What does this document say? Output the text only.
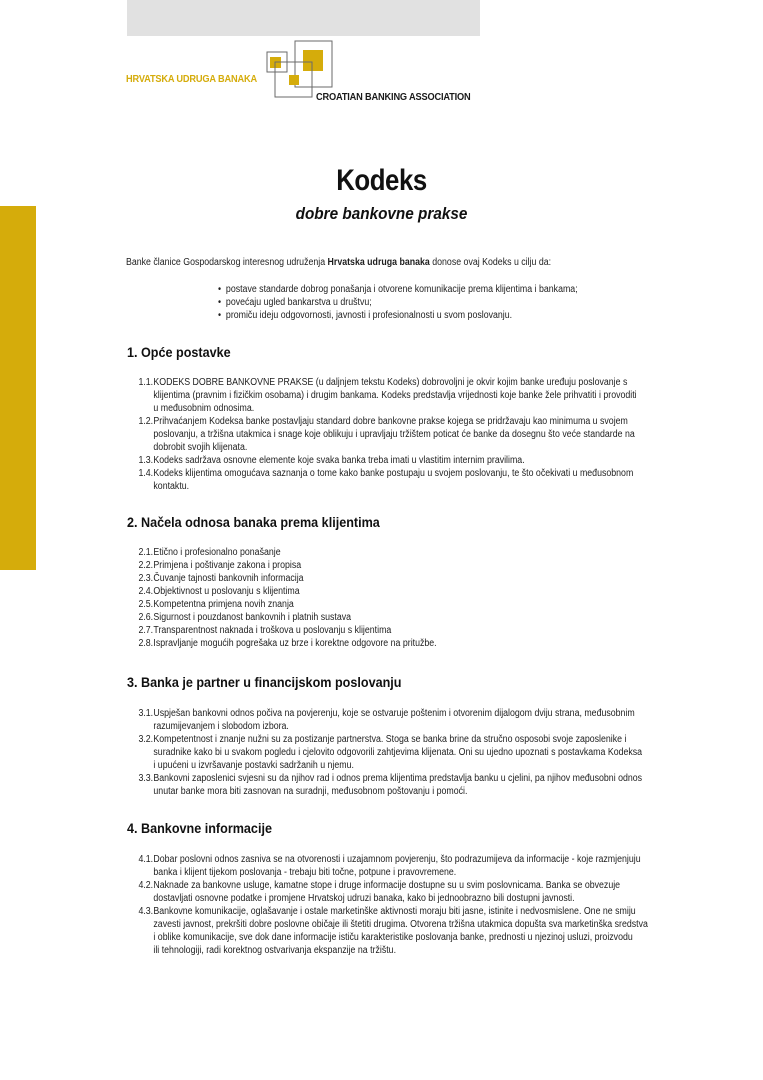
HRVATSKA UDRUGA BANAKA
CROATIAN BANKING ASSOCIATION
Kodeks
dobre bankovne prakse
Banke članice Gospodarskog interesnog udruženja Hrvatska udruga banaka donose ovaj Kodeks u cilju da:
• postave standarde dobrog ponašanja i otvorene komunikacije prema klijentima i bankama;
• povećaju ugled bankarstva u društvu;
• promiču ideju odgovornosti, javnosti i profesionalnosti u svom poslovanju.
1. Opće postavke
1.1. KODEKS DOBRE BANKOVNE PRAKSE (u daljnjem tekstu Kodeks) dobrovoljni je okvir kojim banke uređuju poslovanje s
klijentima (pravnim i fizičkim osobama) i drugim bankama. Kodeks predstavlja vrijednosti koje banke žele prihvatiti i provoditi
u međusobnim odnosima.
1.2. Prihvaćanjem Kodeksa banke postavljaju standard dobre bankovne prakse kojega se pridržavaju kao minimuma u svojem
poslovanju, a tržišna utakmica i snage koje oblikuju i upravljaju tržištem poticat će banke da dosegnu što veće standarde na
dobrobit svojih klijenata.
1.3. Kodeks sadržava osnovne elemente koje svaka banka treba imati u vlastitim internim pravilima.
1.4. Kodeks klijentima omogućava saznanja o tome kako banke postupaju u svojem poslovanju, te što očekivati u međusobnom
kontaktu.
2. Načela odnosa banaka prema klijentima
2.1. Etično i profesionalno ponašanje
2.2. Primjena i poštivanje zakona i propisa
2.3. Čuvanje tajnosti bankovnih informacija
2.4. Objektivnost u poslovanju s klijentima
2.5. Kompetentna primjena novih znanja
2.6. Sigurnost i pouzdanost bankovnih i platnih sustava
2.7. Transparentnost naknada i troškova u poslovanju s klijentima
2.8. Ispravljanje mogućih pogrešaka uz brze i korektne odgovore na pritužbe.
3. Banka je partner u financijskom poslovanju
3.1. Uspješan bankovni odnos počiva na povjerenju, koje se ostvaruje poštenim i otvorenim dijalogom dviju strana, međusobnim
razumijevanjem i slobodom izbora.
3.2. Kompetentnost i znanje nužni su za postizanje partnerstva. Stoga se banka brine da stručno osposobi svoje zaposlenike i
suradnike kako bi u svakom pogledu i cjelovito odgovorili zahtjevima klijenata. Oni su ujedno upoznati s postavkama Kodeksa
i upućeni u izvršavanje postavki sadržanih u njemu.
3.3. Bankovni zaposlenici svjesni su da njihov rad i odnos prema klijentima predstavlja banku u cjelini, pa njihov međusobni odnos
unutar banke mora biti zasnovan na suradnji, međusobnom poštovanju i pomoći.
4. Bankovne informacije
4.1. Dobar poslovni odnos zasniva se na otvorenosti i uzajamnom povjerenju, što podrazumijeva da informacije - koje razmjenjuju
banka i klijent tijekom poslovanja - trebaju biti točne, potpune i pravovremene.
4.2. Naknade za bankovne usluge, kamatne stope i druge informacije dostupne su u svim poslovnicama. Banka se obvezuje
dostavljati osnovne podatke i promjene Hrvatskoj udruzi banaka, kako bi jednoobrazno bili dostupni javnosti.
4.3. Bankovne komunikacije, oglašavanje i ostale marketinške aktivnosti moraju biti jasne, istinite i nedvosmislene. One ne smiju
zavesti javnost, prekršiti dobre poslovne običaje ili štetiti drugima. Otvorena tržišna utakmica dopušta sva marketinška sredstva
i oblike komunikacije, sve dok dane informacije ističu karakteristike poslovanja banke, prednosti u njezinoj usluzi, proizvodu
ili tehnologiji, radi korektnog ostvarivanja ekspanzije na tržištu.
